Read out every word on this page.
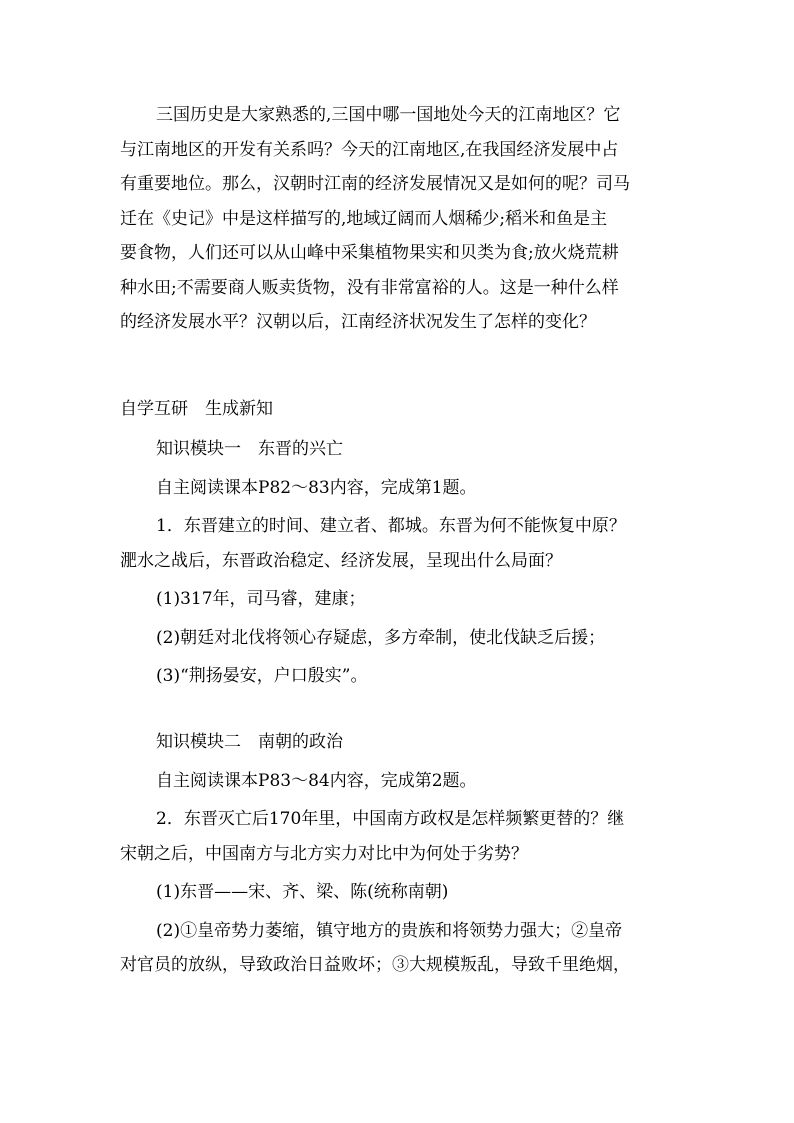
三国历史是大家熟悉的,三国中哪一国地处今天的江南地区？它
与江南地区的开发有关系吗？今天的江南地区,在我国经济发展中占
有重要地位。那么，汉朝时江南的经济发展情况又是如何的呢？司马
迁在《史记》中是这样描写的,地域辽阔而人烟稀少;稻米和鱼是主
要食物，人们还可以从山峰中采集植物果实和贝类为食;放火烧荒耕
种水田;不需要商人贩卖货物，没有非常富裕的人。这是一种什么样
的经济发展水平？汉朝以后，江南经济状况发生了怎样的变化？
自学互研　生成新知
知识模块一　东晋的兴亡
自主阅读课本P82～83内容，完成第1题。
1．东晋建立的时间、建立者、都城。东晋为何不能恢复中原？
淝水之战后，东晋政治稳定、经济发展，呈现出什么局面？
(1)317年，司马睿，建康；
(2)朝廷对北伐将领心存疑虑，多方牵制，使北伐缺乏后援；
(3)“荆扬晏安，户口殷实”。
知识模块二　南朝的政治
自主阅读课本P83～84内容，完成第2题。
2．东晋灭亡后170年里，中国南方政权是怎样频繁更替的？继
宋朝之后，中国南方与北方实力对比中为何处于劣势？
(1)东晋——宋、齐、梁、陈(统称南朝)
(2)①皇帝势力萎缩，镇守地方的贵族和将领势力强大；②皇帝
对官员的放纵，导致政治日益败坏；③大规模叛乱，导致千里绝烟，
